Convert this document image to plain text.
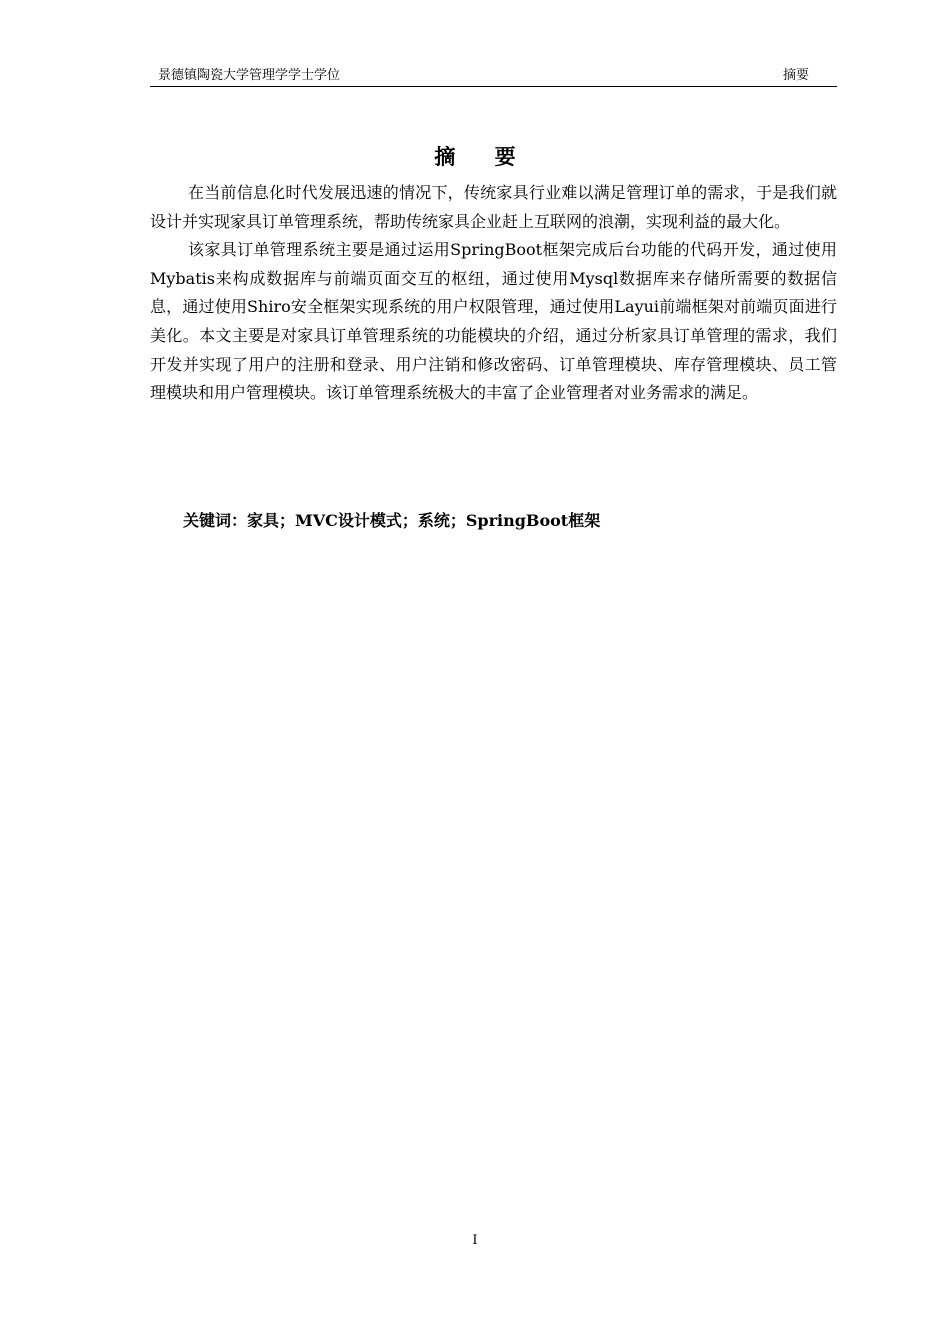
景德镇陶瓷大学管理学学士学位	摘要
摘 要

在当前信息化时代发展迅速的情况下，传统家具行业难以满足管理订单的需求，于是我们就设计并实现家具订单管理系统，帮助传统家具企业赶上互联网的浪潮，实现利益的最大化。

该家具订单管理系统主要是通过运用SpringBoot框架完成后台功能的代码开发，通过使用Mybatis来构成数据库与前端页面交互的枢纽，通过使用Mysql数据库来存储所需要的数据信息，通过使用Shiro安全框架实现系统的用户权限管理，通过使用Layui前端框架对前端页面进行美化。本文主要是对家具订单管理系统的功能模块的介绍，通过分析家具订单管理的需求，我们开发并实现了用户的注册和登录、用户注销和修改密码、订单管理模块、库存管理模块、员工管理模块和用户管理模块。该订单管理系统极大的丰富了企业管理者对业务需求的满足。

关键词：家具；MVC设计模式；系统；SpringBoot框架
I
